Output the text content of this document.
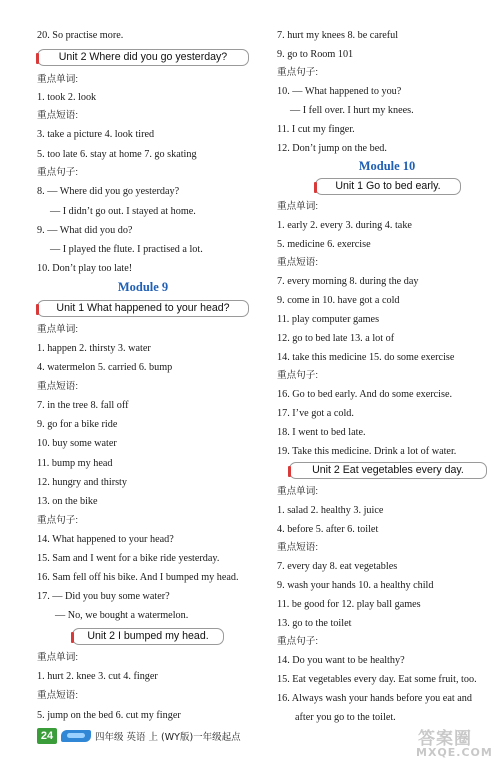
20. So practise more.
Unit 2 Where did you go yesterday?
重点单词:
1. took 2. look
重点短语:
3. take a picture 4. look tired
5. too late 6. stay at home 7. go skating
重点句子:
8. — Where did you go yesterday?
— I didn’t go out. I stayed at home.
9. — What did you do?
— I played the flute. I practised a lot.
10. Don’t play too late!
Module 9
Unit 1 What happened to your head?
重点单词:
1. happen 2. thirsty 3. water
4. watermelon 5. carried 6. bump
重点短语:
7. in the tree 8. fall off
9. go for a bike ride
10. buy some water
11. bump my head
12. hungry and thirsty
13. on the bike
重点句子:
14. What happened to your head?
15. Sam and I went for a bike ride yesterday.
16. Sam fell off his bike. And I bumped my head.
17. — Did you buy some water?
— No, we bought a watermelon.
Unit 2 I bumped my head.
重点单词:
1. hurt 2. knee 3. cut 4. finger
重点短语:
5. jump on the bed 6. cut my finger
7. hurt my knees 8. be careful
9. go to Room 101
重点句子:
10. — What happened to you?
— I fell over. I hurt my knees.
11. I cut my finger.
12. Don’t jump on the bed.
Module 10
Unit 1 Go to bed early.
重点单词:
1. early 2. every 3. during 4. take
5. medicine 6. exercise
重点短语:
7. every morning 8. during the day
9. come in 10. have got a cold
11. play computer games
12. go to bed late 13. a lot of
14. take this medicine 15. do some exercise
重点句子:
16. Go to bed early. And do some exercise.
17. I’ve got a cold.
18. I went to bed late.
19. Take this medicine. Drink a lot of water.
Unit 2 Eat vegetables every day.
重点单词:
1. salad 2. healthy 3. juice
4. before 5. after 6. toilet
重点短语:
7. every day 8. eat vegetables
9. wash your hands 10. a healthy child
11. be good for 12. play ball games
13. go to the toilet
重点句子:
14. Do you want to be healthy?
15. Eat vegetables every day. Eat some fruit, too.
16. Always wash your hands before you eat and
after you go to the toilet.
24	四年级 英语 上 (WY版)一年级起点	答案圈
MXQE.COM
